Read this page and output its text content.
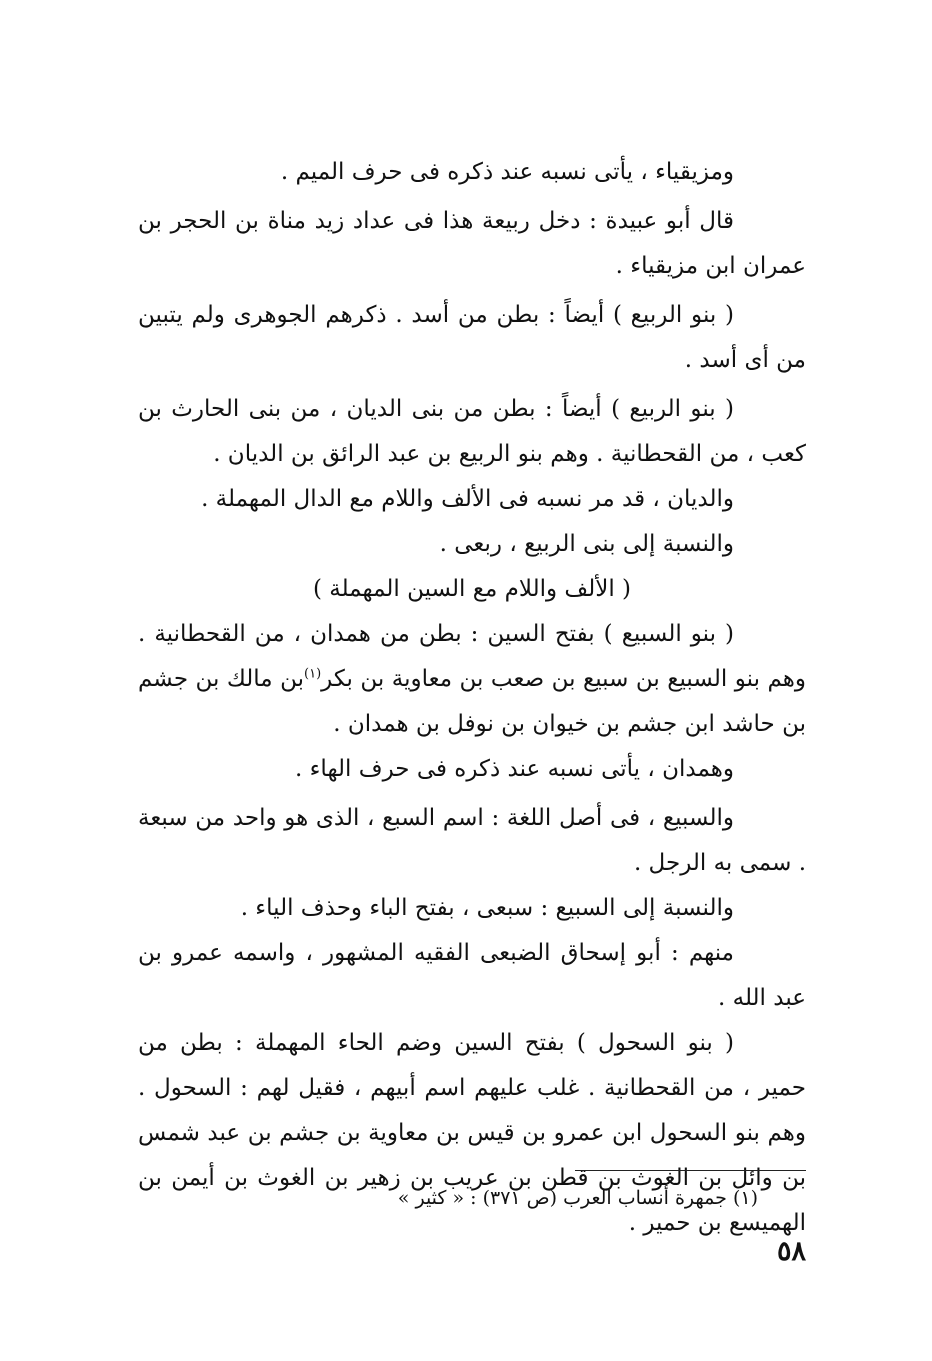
ومزيقياء ، يأتى نسبه عند ذكره فى حرف الميم .

قال أبو عبيدة : دخل ربيعة هذا فى عداد زيد مناة بن الحجر بن عمران ابن مزيقياء .

( بنو الربيع ) أيضاً : بطن من أسد . ذكرهم الجوهرى ولم يتبين من أى أسد .

( بنو الربيع ) أيضاً : بطن من بنى الديان ، من بنى الحارث بن كعب ، من القحطانية . وهم بنو الربيع بن عبد الرائق بن الديان .

والديان ، قد مر نسبه فى الألف واللام مع الدال المهملة .

والنسبة إلى بنى الربيع ، ربعى .

( الألف واللام مع السين المهملة )

( بنو السبيع ) بفتح السين : بطن من همدان ، من القحطانية . وهم بنو السبيع بن سبيع بن صعب بن معاوية بن بكر$^{(١)}$بن مالك بن جشم بن حاشد ابن جشم بن خيوان بن نوفل بن همدان .

وهمدان ، يأتى نسبه عند ذكره فى حرف الهاء .

والسبيع ، فى أصل اللغة : اسم السبع ، الذى هو واحد من سبعة . سمى به الرجل .

والنسبة إلى السبيع : سبعى ، بفتح الباء وحذف الياء .

منهم : أبو إسحاق الضبعى الفقيه المشهور ، واسمه عمرو بن عبد الله .

( بنو السحول ) بفتح السين وضم الحاء المهملة : بطن من حمير ، من القحطانية . غلب عليهم اسم أبيهم ، فقيل لهم : السحول . وهم بنو السحول ابن عمرو بن قيس بن معاوية بن جشم بن عبد شمس بن وائل بن الغوث بن قطن بن عريب بن زهير بن الغوث بن أيمن بن الهميسع بن حمير .

(١) جمهرة أنساب العرب (ص ٣٧١) : « كثير »
٥٨
